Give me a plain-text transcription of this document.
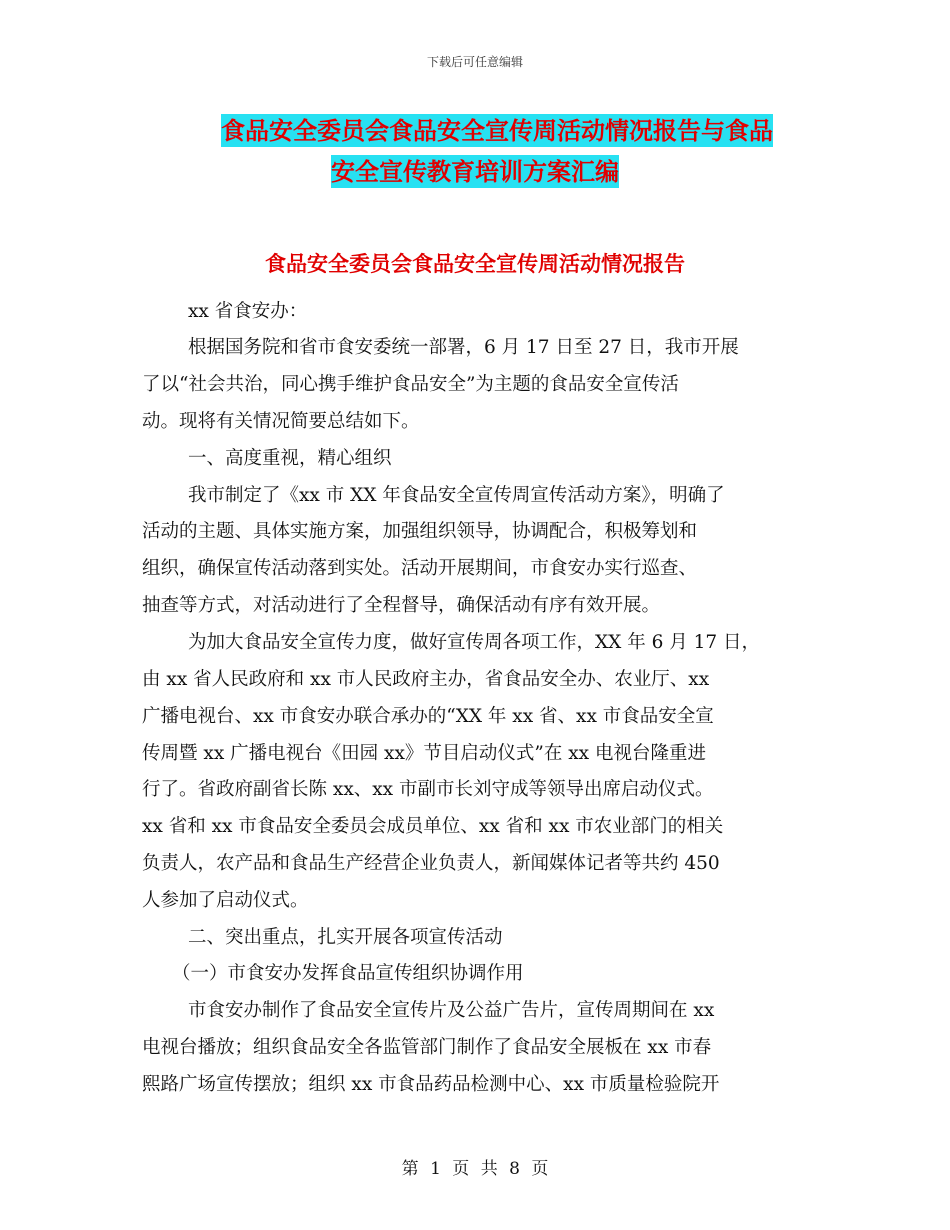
下载后可任意编辑
食品安全委员会食品安全宣传周活动情况报告与食品
安全宣传教育培训方案汇编
食品安全委员会食品安全宣传周活动情况报告
xx 省食安办：
根据国务院和省市食安委统一部署，6 月 17 日至 27 日，我市开展
了以“社会共治，同心携手维护食品安全”为主题的食品安全宣传活
动。现将有关情况简要总结如下。
一、高度重视，精心组织
我市制定了《xx 市 XX 年食品安全宣传周宣传活动方案》，明确了
活动的主题、具体实施方案，加强组织领导，协调配合，积极筹划和
组织，确保宣传活动落到实处。活动开展期间，市食安办实行巡查、
抽查等方式，对活动进行了全程督导，确保活动有序有效开展。
为加大食品安全宣传力度，做好宣传周各项工作，XX 年 6 月 17 日，
由 xx 省人民政府和 xx 市人民政府主办，省食品安全办、农业厅、xx
广播电视台、xx 市食安办联合承办的“XX 年 xx 省、xx 市食品安全宣
传周暨 xx 广播电视台《田园 xx》节目启动仪式”在 xx 电视台隆重进
行了。省政府副省长陈 xx、xx 市副市长刘守成等领导出席启动仪式。
xx 省和 xx 市食品安全委员会成员单位、xx 省和 xx 市农业部门的相关
负责人，农产品和食品生产经营企业负责人，新闻媒体记者等共约 450
人参加了启动仪式。
二、突出重点，扎实开展各项宣传活动
（一）市食安办发挥食品宣传组织协调作用
市食安办制作了食品安全宣传片及公益广告片，宣传周期间在 xx
电视台播放；组织食品安全各监管部门制作了食品安全展板在 xx 市春
熙路广场宣传摆放；组织 xx 市食品药品检测中心、xx 市质量检验院开
第 1 页 共 8 页
